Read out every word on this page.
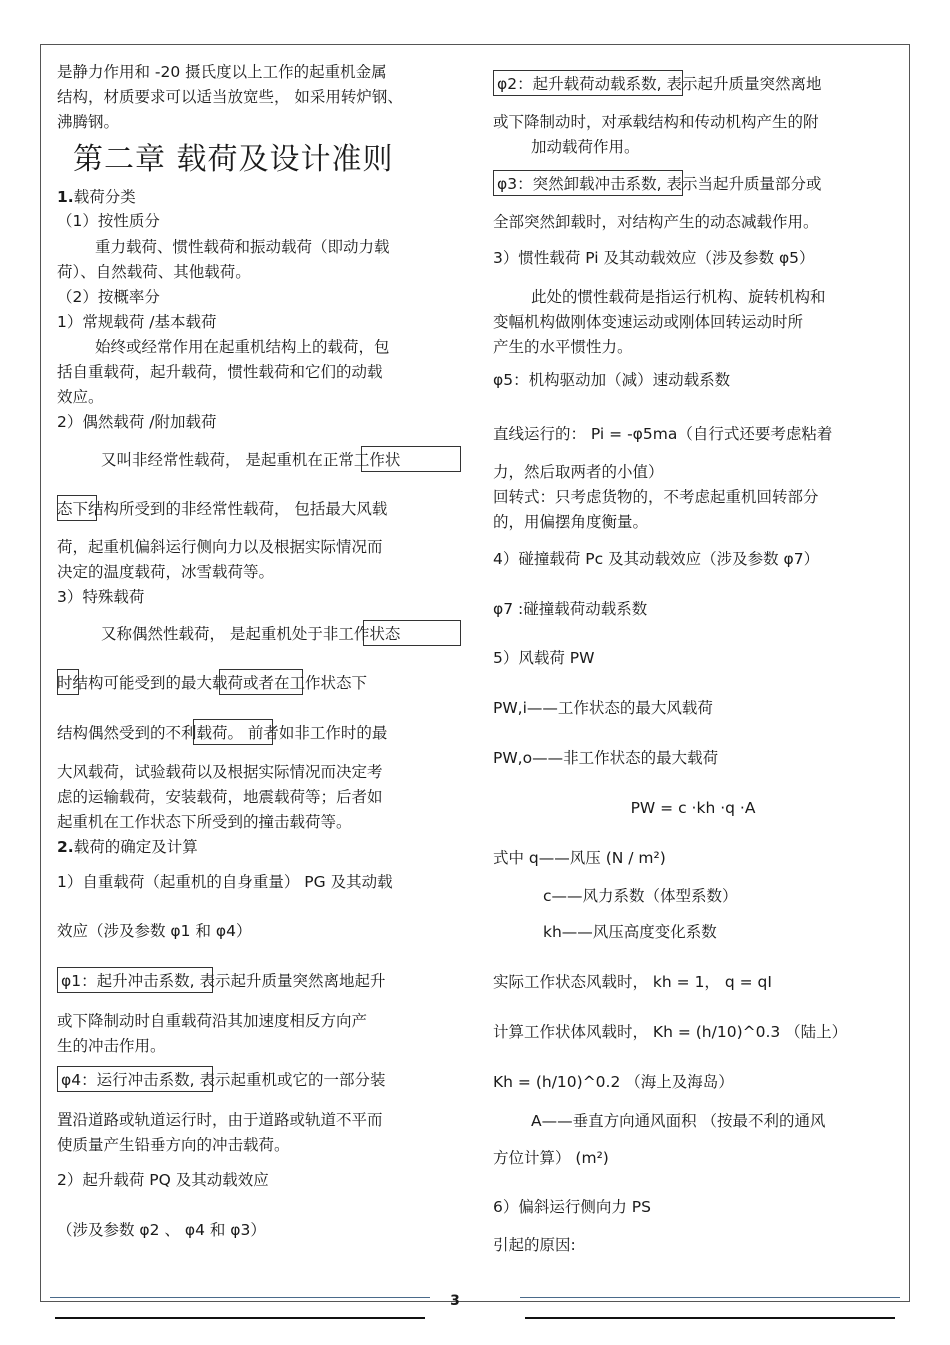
是静力作用和 -20 摄氏度以上工作的起重机金属
结构，材质要求可以适当放宽些， 如采用转炉钢、
沸腾钢。
第二章 载荷及设计准则
1.载荷分类
（1）按性质分
重力载荷、惯性载荷和振动载荷（即动力载
荷）、自然载荷、其他载荷。
（2）按概率分
1）常规载荷 /基本载荷
始终或经常作用在起重机结构上的载荷，包
括自重载荷，起升载荷，惯性载荷和它们的动载
效应。
2）偶然载荷 /附加载荷
又叫非经常性载荷， 是起重机在正常工作状
态下结构所受到的非经常性载荷， 包括最大风载
荷，起重机偏斜运行侧向力以及根据实际情况而
决定的温度载荷，冰雪载荷等。
3）特殊载荷
又称偶然性载荷， 是起重机处于非工作状态
时结构可能受到的最大载荷或者在工作状态下
结构偶然受到的不利载荷。 前者如非工作时的最
大风载荷，试验载荷以及根据实际情况而决定考
虑的运输载荷，安装载荷，地震载荷等；后者如
起重机在工作状态下所受到的撞击载荷等。
2.载荷的确定及计算
1）自重载荷（起重机的自身重量） PG 及其动载
效应（涉及参数 φ1 和 φ4）
φ1：起升冲击系数, 表示起升质量突然离地起升
或下降制动时自重载荷沿其加速度相反方向产
生的冲击作用。
φ4：运行冲击系数, 表示起重机或它的一部分装
置沿道路或轨道运行时，由于道路或轨道不平而
使质量产生铅垂方向的冲击载荷。
2）起升载荷 PQ 及其动载效应
（涉及参数 φ2 、 φ4 和 φ3）
φ2：起升载荷动载系数, 表示起升质量突然离地
或下降制动时，对承载结构和传动机构产生的附
加动载荷作用。
φ3：突然卸载冲击系数, 表示当起升质量部分或
全部突然卸载时，对结构产生的动态减载作用。
3）惯性载荷 Pi 及其动载效应（涉及参数 φ5）
此处的惯性载荷是指运行机构、旋转机构和
变幅机构做刚体变速运动或刚体回转运动时所
产生的水平惯性力。
φ5：机构驱动加（减）速动载系数
直线运行的： Pi = -φ5ma（自行式还要考虑粘着
力，然后取两者的小值）
回转式：只考虑货物的，不考虑起重机回转部分
的，用偏摆角度衡量。
4）碰撞载荷 Pc 及其动载效应（涉及参数 φ7）
φ7 :碰撞载荷动载系数
5）风载荷 PW
PW,i——工作状态的最大风载荷
PW,o——非工作状态的最大载荷
PW = c ·kh ·q ·A
式中 q——风压 (N / m²)
c——风力系数（体型系数）
kh——风压高度变化系数
实际工作状态风载时， kh = 1， q = qI
计算工作状体风载时， Kh = (h/10)^0.3 （陆上）
Kh = (h/10)^0.2 （海上及海岛）
A——垂直方向通风面积 （按最不利的通风
方位计算） (m²)
6）偏斜运行侧向力 PS
引起的原因:
3
